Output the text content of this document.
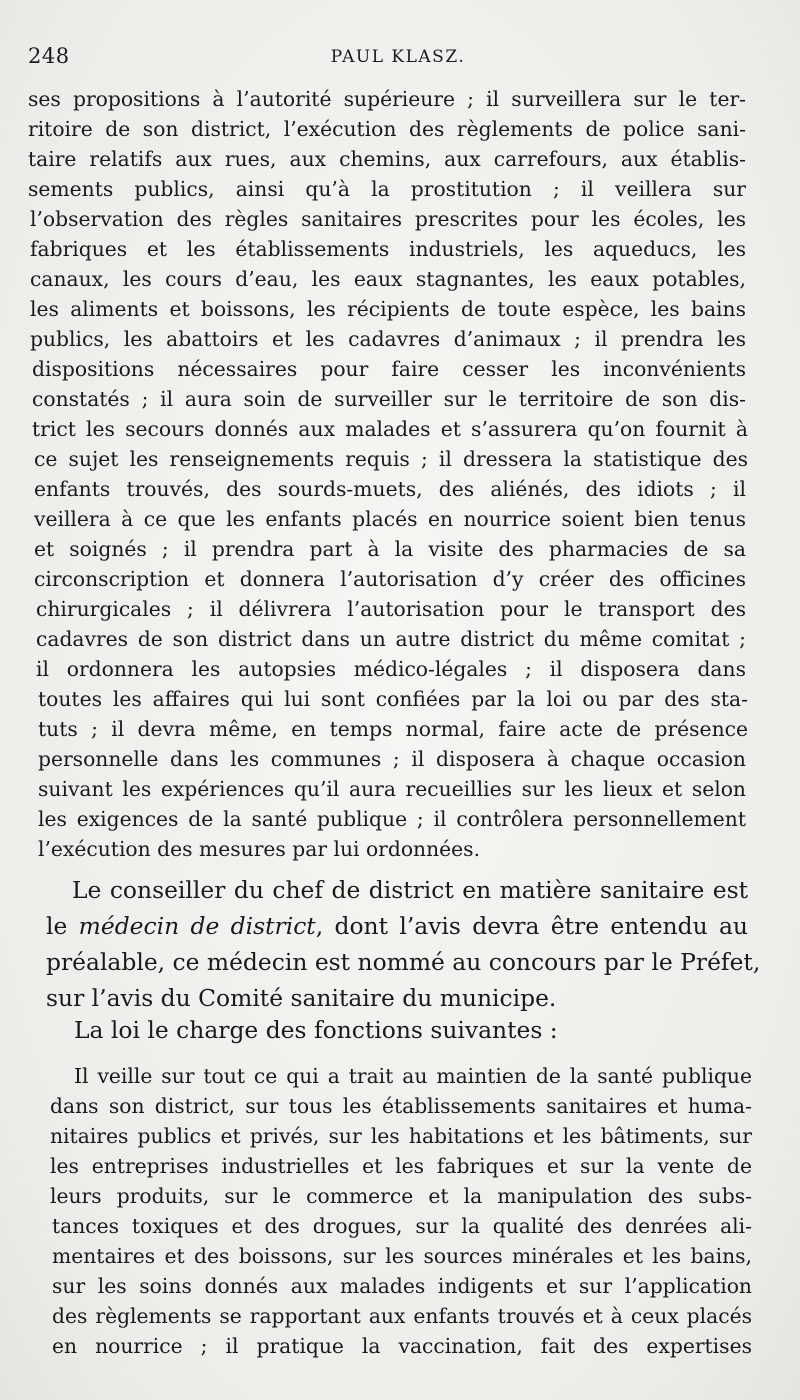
248	PAUL KLASZ.
ses propositions à l’autorité supérieure ; il surveillera sur le ter-
ritoire de son district, l’exécution des règlements de police sani-
taire relatifs aux rues, aux chemins, aux carrefours, aux établis-
sements publics, ainsi qu’à la prostitution ; il veillera sur
l’observation des règles sanitaires prescrites pour les écoles, les
fabriques et les établissements industriels, les aqueducs, les
canaux, les cours d’eau, les eaux stagnantes, les eaux potables,
les aliments et boissons, les récipients de toute espèce, les bains
publics, les abattoirs et les cadavres d’animaux ; il prendra les
dispositions nécessaires pour faire cesser les inconvénients
constatés ; il aura soin de surveiller sur le territoire de son dis-
trict les secours donnés aux malades et s’assurera qu’on fournit à
ce sujet les renseignements requis ; il dressera la statistique des
enfants trouvés, des sourds-muets, des aliénés, des idiots ; il
veillera à ce que les enfants placés en nourrice soient bien tenus
et soignés ; il prendra part à la visite des pharmacies de sa
circonscription et donnera l’autorisation d’y créer des officines
chirurgicales ; il délivrera l’autorisation pour le transport des
cadavres de son district dans un autre district du même comitat ;
il ordonnera les autopsies médico-légales ; il disposera dans
toutes les affaires qui lui sont confiées par la loi ou par des sta-
tuts ; il devra même, en temps normal, faire acte de présence
personnelle dans les communes ; il disposera à chaque occasion
suivant les expériences qu’il aura recueillies sur les lieux et selon
les exigences de la santé publique ; il contrôlera personnellement
l’exécution des mesures par lui ordonnées.
Le conseiller du chef de district en matière sanitaire est
le médecin de district, dont l’avis devra être entendu au
préalable, ce médecin est nommé au concours par le Préfet,
sur l’avis du Comité sanitaire du municipe.
La loi le charge des fonctions suivantes :
Il veille sur tout ce qui a trait au maintien de la santé publique
dans son district, sur tous les établissements sanitaires et huma-
nitaires publics et privés, sur les habitations et les bâtiments, sur
les entreprises industrielles et les fabriques et sur la vente de
leurs produits, sur le commerce et la manipulation des subs-
tances toxiques et des drogues, sur la qualité des denrées ali-
mentaires et des boissons, sur les sources minérales et les bains,
sur les soins donnés aux malades indigents et sur l’application
des règlements se rapportant aux enfants trouvés et à ceux placés
en nourrice ; il pratique la vaccination, fait des expertises
